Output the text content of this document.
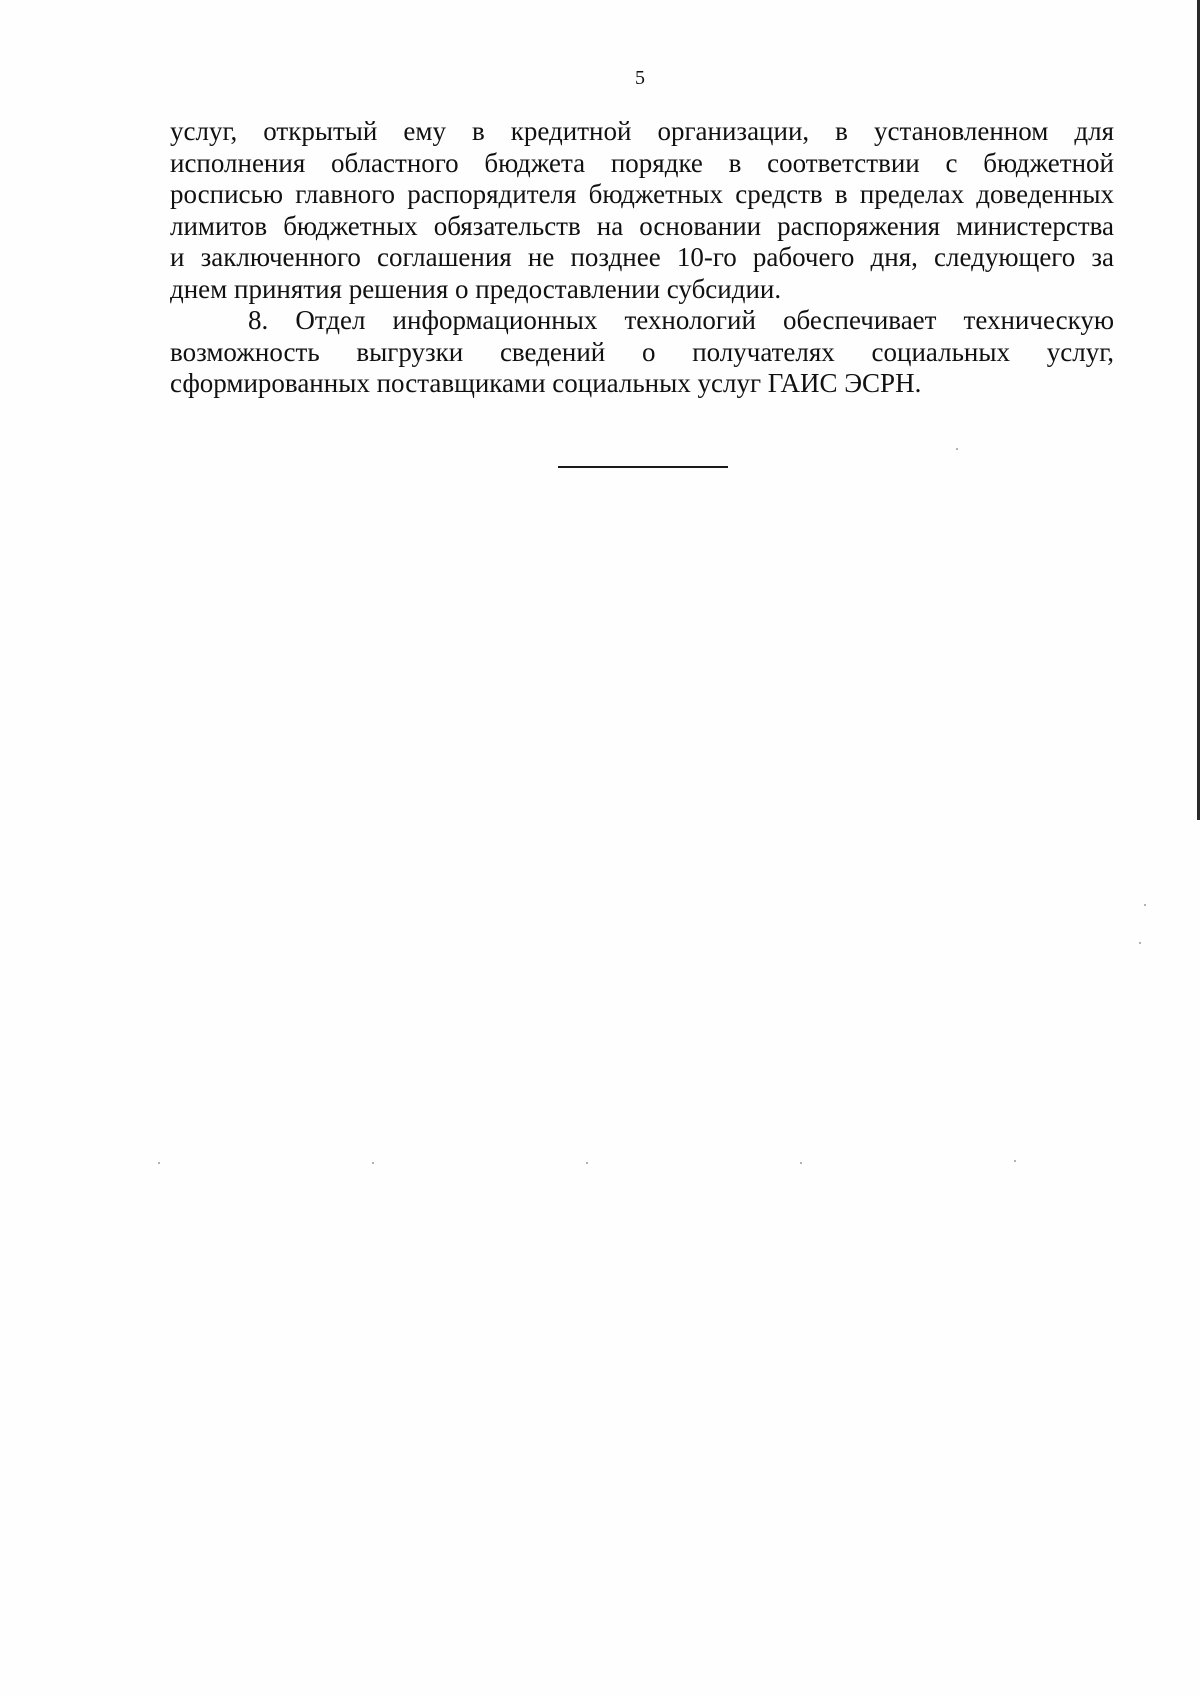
5
услуг, открытый ему в кредитной организации, в установленном для
исполнения областного бюджета порядке в соответствии с бюджетной
росписью главного распорядителя бюджетных средств в пределах доведенных
лимитов бюджетных обязательств на основании распоряжения министерства
и заключенного соглашения не позднее 10-го рабочего дня, следующего за
днем принятия решения о предоставлении субсидии.
8. Отдел информационных технологий обеспечивает техническую
возможность выгрузки сведений о получателях социальных услуг,
сформированных поставщиками социальных услуг ГАИС ЭСРН.
